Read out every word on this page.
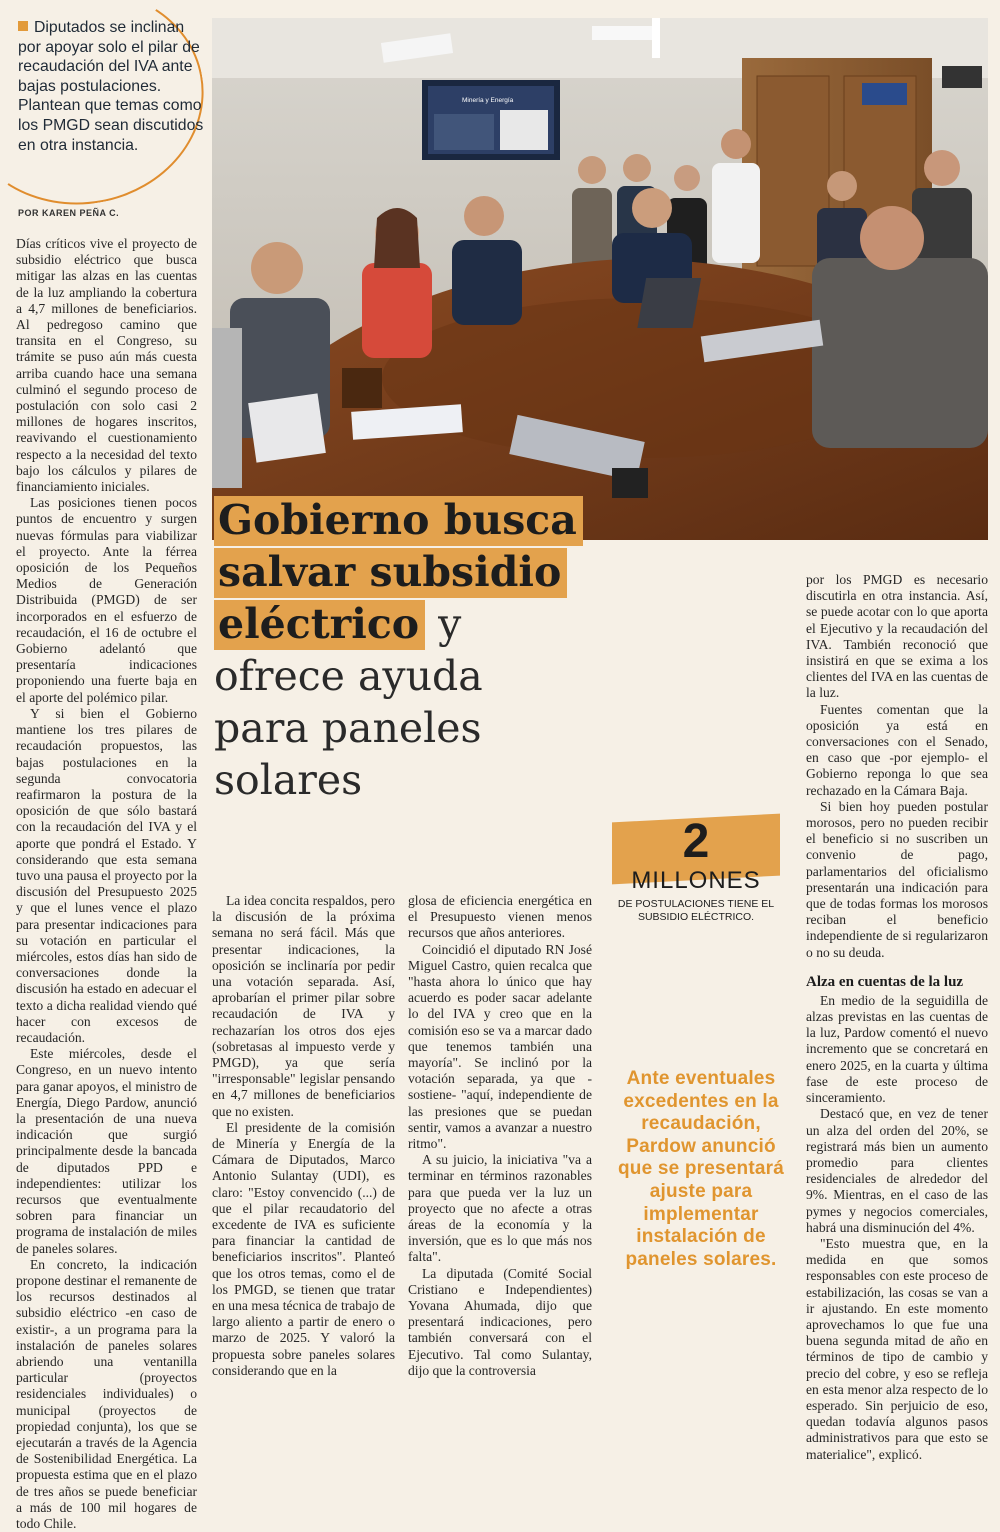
Diputados se inclinan por apoyar solo el pilar de recaudación del IVA ante bajas postulaciones. Plantean que temas como los PMGD sean discutidos en otra instancia.
POR KAREN PEÑA C.
Minería y Energía
Gobierno busca
salvar subsidio
eléctrico y
ofrece ayuda
para paneles
solares

Días críticos vive el proyecto de subsidio eléctrico que busca mitigar las alzas en las cuentas de la luz ampliando la cobertura a 4,7 millones de beneficiarios. Al pedregoso camino que transita en el Congreso, su trámite se puso aún más cuesta arriba cuando hace una semana culminó el segundo proceso de postulación con solo casi 2 millones de hogares inscritos, reavivando el cuestionamiento respecto a la necesidad del texto bajo los cálculos y pilares de financiamiento iniciales.

Las posiciones tienen pocos puntos de encuentro y surgen nuevas fórmulas para viabilizar el proyecto. Ante la férrea oposición de los Pequeños Medios de Generación Distribuida (PMGD) de ser incorporados en el esfuerzo de recaudación, el 16 de octubre el Gobierno adelantó que presentaría indicaciones proponiendo una fuerte baja en el aporte del polémico pilar.

Y si bien el Gobierno mantiene los tres pilares de recaudación propuestos, las bajas postulaciones en la segunda convocatoria reafirmaron la postura de la oposición de que sólo bastará con la recaudación del IVA y el aporte que pondrá el Estado. Y considerando que esta semana tuvo una pausa el proyecto por la discusión del Presupuesto 2025 y que el lunes vence el plazo para presentar indicaciones para su votación en particular el miércoles, estos días han sido de conversaciones donde la discusión ha estado en adecuar el texto a dicha realidad viendo qué hacer con excesos de recaudación.

Este miércoles, desde el Congreso, en un nuevo intento para ganar apoyos, el ministro de Energía, Diego Pardow, anunció la presentación de una nueva indicación que surgió principalmente desde la bancada de diputados PPD e independientes: utilizar los recursos que eventualmente sobren para financiar un programa de instalación de miles de paneles solares.

En concreto, la indicación propone destinar el remanente de los recursos destinados al subsidio eléctrico -en caso de existir-, a un programa para la instalación de paneles solares abriendo una ventanilla particular (proyectos residenciales individuales) o municipal (proyectos de propiedad conjunta), los que se ejecutarán a través de la Agencia de Sostenibilidad Energética. La propuesta estima que en el plazo de tres años se puede beneficiar a más de 100 mil hogares de todo Chile.

La idea concita respaldos, pero la discusión de la próxima semana no será fácil. Más que presentar indicaciones, la oposición se inclinaría por pedir una votación separada. Así, aprobarían el primer pilar sobre recaudación de IVA y rechazarían los otros dos ejes (sobretasas al impuesto verde y PMGD), ya que sería "irresponsable" legislar pensando en 4,7 millones de beneficiarios que no existen.

El presidente de la comisión de Minería y Energía de la Cámara de Diputados, Marco Antonio Sulantay (UDI), es claro: "Estoy convencido (...) de que el pilar recaudatorio del excedente de IVA es suficiente para financiar la cantidad de beneficiarios inscritos". Planteó que los otros temas, como el de los PMGD, se tienen que tratar en una mesa técnica de trabajo de largo aliento a partir de enero o marzo de 2025. Y valoró la propuesta sobre paneles solares considerando que en la

glosa de eficiencia energética en el Presupuesto vienen menos recursos que años anteriores.

Coincidió el diputado RN José Miguel Castro, quien recalca que "hasta ahora lo único que hay acuerdo es poder sacar adelante lo del IVA y creo que en la comisión eso se va a marcar dado que tenemos también una mayoría". Se inclinó por la votación separada, ya que -sostiene- "aquí, independiente de las presiones que se puedan sentir, vamos a avanzar a nuestro ritmo".

A su juicio, la iniciativa "va a terminar en términos razonables para que pueda ver la luz un proyecto que no afecte a otras áreas de la economía y la inversión, que es lo que más nos falta".

La diputada (Comité Social Cristiano e Independientes) Yovana Ahumada, dijo que presentará indicaciones, pero también conversará con el Ejecutivo. Tal como Sulantay, dijo que la controversia

2
MILLONES
DE POSTULACIONES TIENE EL SUBSIDIO ELÉCTRICO.
Ante eventuales excedentes en la recaudación, Pardow anunció que se presentará ajuste para implementar instalación de paneles solares.

por los PMGD es necesario discutirla en otra instancia. Así, se puede acotar con lo que aporta el Ejecutivo y la recaudación del IVA. También reconoció que insistirá en que se exima a los clientes del IVA en las cuentas de la luz.

Fuentes comentan que la oposición ya está en conversaciones con el Senado, en caso que -por ejemplo- el Gobierno reponga lo que sea rechazado en la Cámara Baja.

Si bien hoy pueden postular morosos, pero no pueden recibir el beneficio si no suscriben un convenio de pago, parlamentarios del oficialismo presentarán una indicación para que de todas formas los morosos reciban el beneficio independiente de si regularizaron o no su deuda.

Alza en cuentas de la luz

En medio de la seguidilla de alzas previstas en las cuentas de la luz, Pardow comentó el nuevo incremento que se concretará en enero 2025, en la cuarta y última fase de este proceso de sinceramiento.

Destacó que, en vez de tener un alza del orden del 20%, se registrará más bien un aumento promedio para clientes residenciales de alrededor del 9%. Mientras, en el caso de las pymes y negocios comerciales, habrá una disminución del 4%.

"Esto muestra que, en la medida en que somos responsables con este proceso de estabilización, las cosas se van a ir ajustando. En este momento aprovechamos lo que fue una buena segunda mitad de año en términos de tipo de cambio y precio del cobre, y eso se refleja en esta menor alza respecto de lo esperado. Sin perjuicio de eso, quedan todavía algunos pasos administrativos para que esto se materialice", explicó.
